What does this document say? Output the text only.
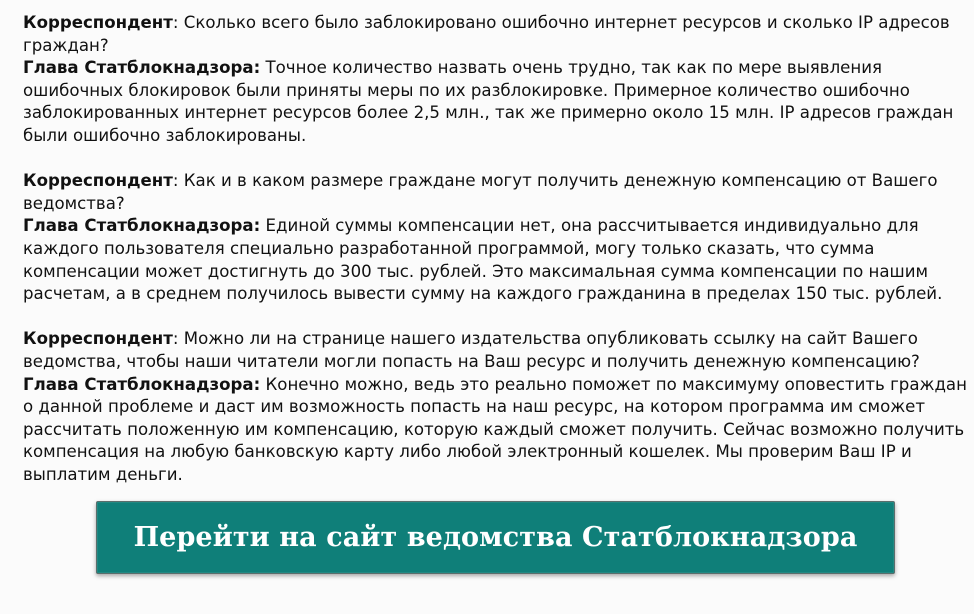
Корреспондент: Сколько всего было заблокировано ошибочно интернет ресурсов и сколько IP адресов граждан?

Глава Статблокнадзора: Точное количество назвать очень трудно, так как по мере выявления ошибочных блокировок были приняты меры по их разблокировке. Примерное количество ошибочно заблокированных интернет ресурсов более 2,5 млн., так же примерно около 15 млн. IP адресов граждан были ошибочно заблокированы.

Корреспондент: Как и в каком размере граждане могут получить денежную компенсацию от Вашего ведомства?

Глава Статблокнадзора: Единой суммы компенсации нет, она рассчитывается индивидуально для каждого пользователя специально разработанной программой, могу только сказать, что сумма компенсации может достигнуть до 300 тыс. рублей. Это максимальная сумма компенсации по нашим расчетам, а в среднем получилось вывести сумму на каждого гражданина в пределах 150 тыс. рублей.

Корреспондент: Можно ли на странице нашего издательства опубликовать ссылку на сайт Вашего ведомства, чтобы наши читатели могли попасть на Ваш ресурс и получить денежную компенсацию?

Глава Статблокнадзора: Конечно можно, ведь это реально поможет по максимуму оповестить граждан о данной проблеме и даст им возможность попасть на наш ресурс, на котором программа им сможет рассчитать положенную им компенсацию, которую каждый сможет получить. Сейчас возможно получить компенсация на любую банковскую карту либо любой электронный кошелек. Мы проверим Ваш IP и выплатим деньги.

Перейти на сайт ведомства Статблокнадзора
